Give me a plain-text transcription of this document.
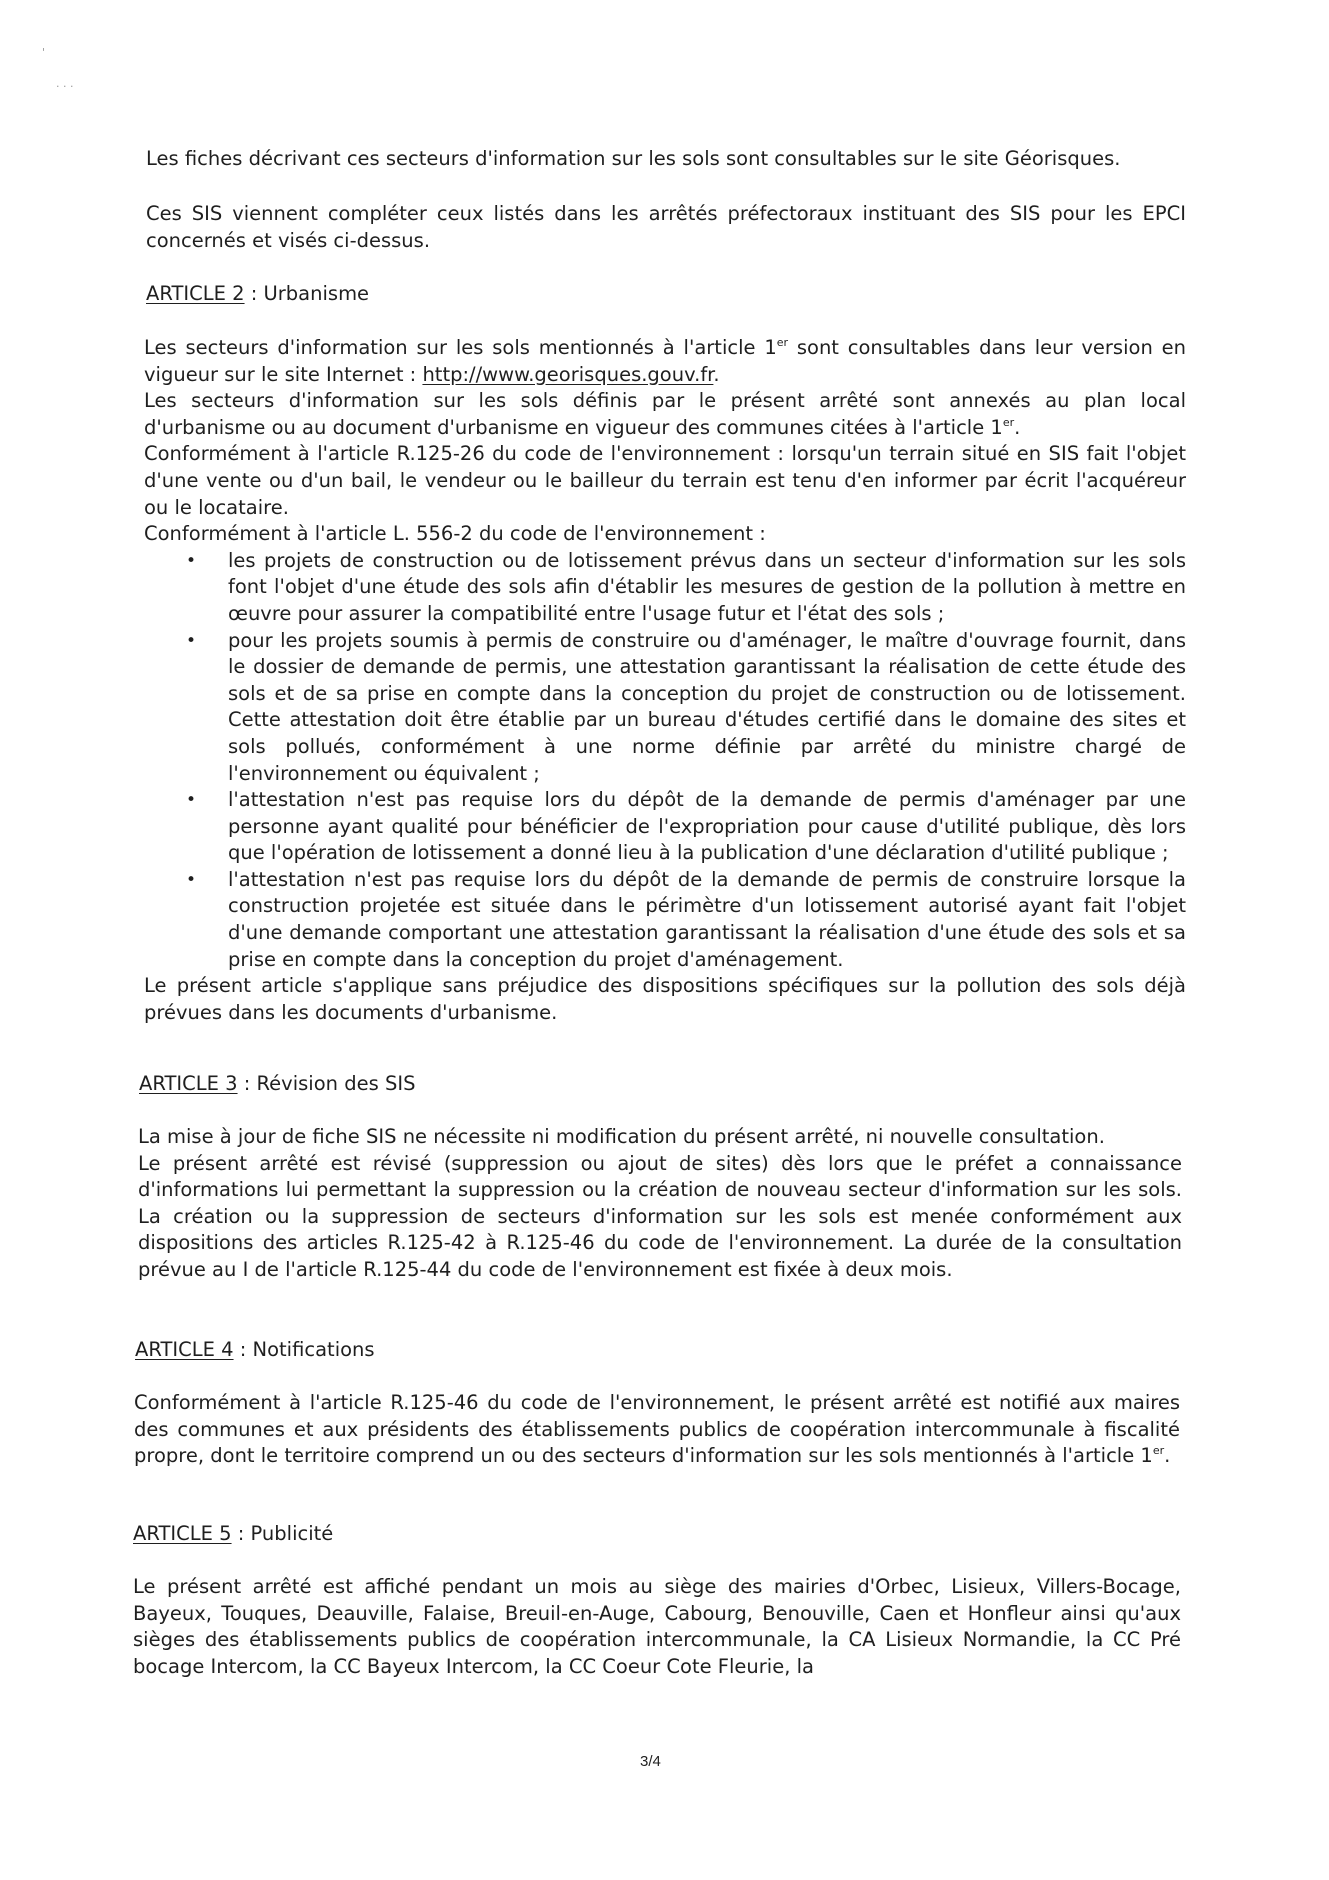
'
· · ·

Les fiches décrivant ces secteurs d'information sur les sols sont consultables sur le site Géorisques.

Ces SIS viennent compléter ceux listés dans les arrêtés préfectoraux instituant des SIS pour les EPCI concernés et visés ci-dessus.

ARTICLE 2 : Urbanisme

Les secteurs d'information sur les sols mentionnés à l'article 1er sont consultables dans leur version en vigueur sur le site Internet : http://www.georisques.gouv.fr.

Les secteurs d'information sur les sols définis par le présent arrêté sont annexés au plan local d'urbanisme ou au document d'urbanisme en vigueur des communes citées à l'article 1er.

Conformément à l'article R.125-26 du code de l'environnement : lorsqu'un terrain situé en SIS fait l'objet d'une vente ou d'un bail, le vendeur ou le bailleur du terrain est tenu d'en informer par écrit l'acquéreur ou le locataire.

Conformément à l'article L. 556-2 du code de l'environnement :

• les projets de construction ou de lotissement prévus dans un secteur d'information sur les sols font l'objet d'une étude des sols afin d'établir les mesures de gestion de la pollution à mettre en œuvre pour assurer la compatibilité entre l'usage futur et l'état des sols ;
• pour les projets soumis à permis de construire ou d'aménager, le maître d'ouvrage fournit, dans le dossier de demande de permis, une attestation garantissant la réalisation de cette étude des sols et de sa prise en compte dans la conception du projet de construction ou de lotissement. Cette attestation doit être établie par un bureau d'études certifié dans le domaine des sites et sols pollués, conformément à une norme définie par arrêté du ministre chargé de l'environnement ou équivalent ;
• l'attestation n'est pas requise lors du dépôt de la demande de permis d'aménager par une personne ayant qualité pour bénéficier de l'expropriation pour cause d'utilité publique, dès lors que l'opération de lotissement a donné lieu à la publication d'une déclaration d'utilité publique ;
• l'attestation n'est pas requise lors du dépôt de la demande de permis de construire lorsque la construction projetée est située dans le périmètre d'un lotissement autorisé ayant fait l'objet d'une demande comportant une attestation garantissant la réalisation d'une étude des sols et sa prise en compte dans la conception du projet d'aménagement.

Le présent article s'applique sans préjudice des dispositions spécifiques sur la pollution des sols déjà prévues dans les documents d'urbanisme.

ARTICLE 3 : Révision des SIS

La mise à jour de fiche SIS ne nécessite ni modification du présent arrêté, ni nouvelle consultation.

Le présent arrêté est révisé (suppression ou ajout de sites) dès lors que le préfet a connaissance d'informations lui permettant la suppression ou la création de nouveau secteur d'information sur les sols. La création ou la suppression de secteurs d'information sur les sols est menée conformément aux dispositions des articles R.125-42 à R.125-46 du code de l'environnement. La durée de la consultation prévue au I de l'article R.125-44 du code de l'environnement est fixée à deux mois.

ARTICLE 4 : Notifications

Conformément à l'article R.125-46 du code de l'environnement, le présent arrêté est notifié aux maires des communes et aux présidents des établissements publics de coopération intercommunale à fiscalité propre, dont le territoire comprend un ou des secteurs d'information sur les sols mentionnés à l'article 1er.

ARTICLE 5 : Publicité

Le présent arrêté est affiché pendant un mois au siège des mairies d'Orbec, Lisieux, Villers-Bocage, Bayeux, Touques, Deauville, Falaise, Breuil-en-Auge, Cabourg, Benouville, Caen et Honfleur ainsi qu'aux sièges des établissements publics de coopération intercommunale, la CA Lisieux Normandie, la CC Pré bocage Intercom, la CC Bayeux Intercom, la CC Coeur Cote Fleurie, la

3/4
